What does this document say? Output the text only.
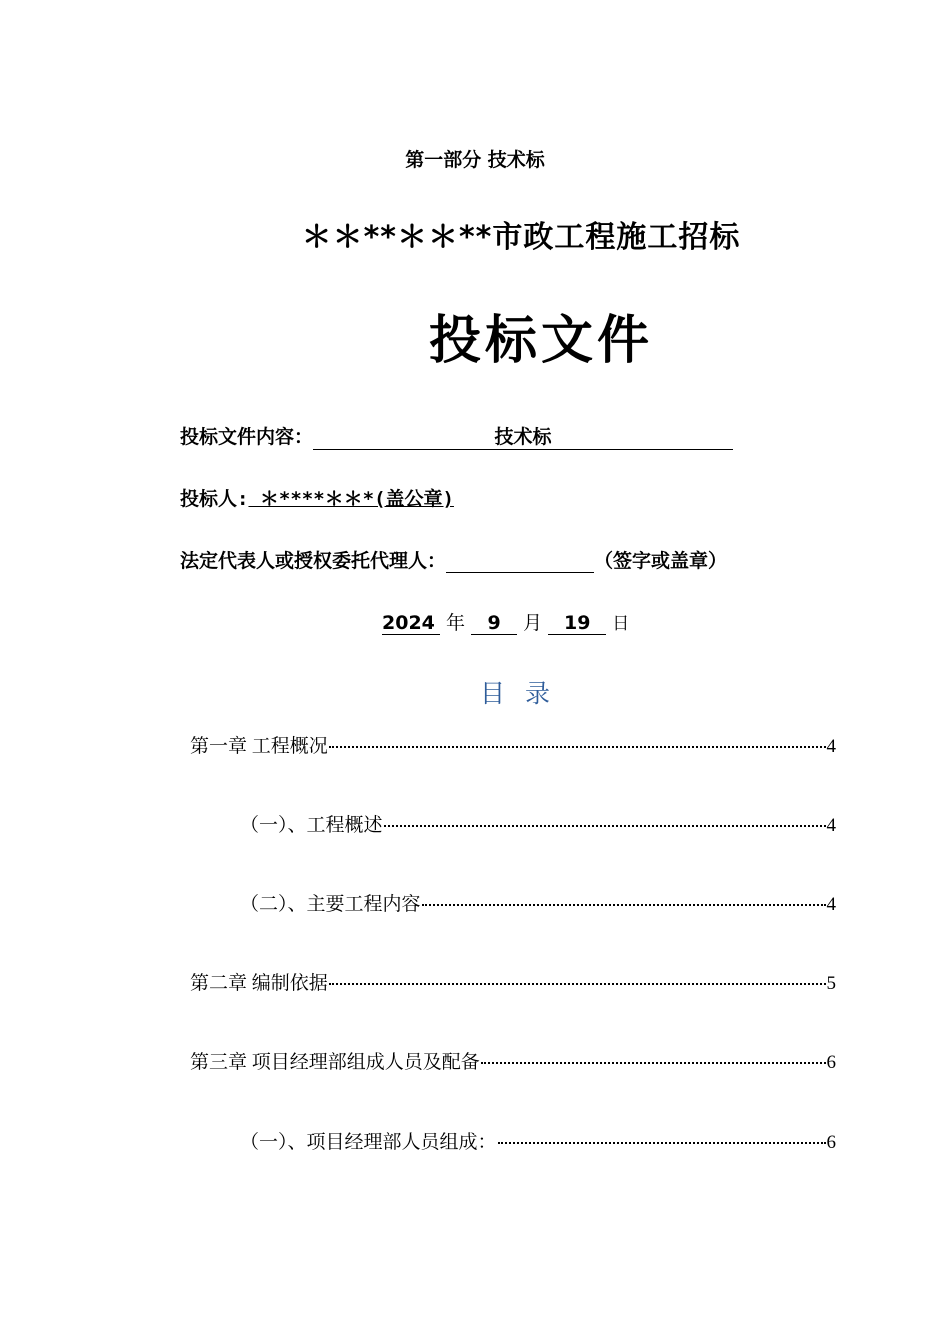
第一部分 技术标
＊＊**＊＊**市政工程施工招标
投标文件
投标文件内容：	技术标
投标人: ＊****＊＊*(盖公章)
法定代表人或授权委托代理人：	（签字或盖章）
2024 年 9 月 19 日
目 录
第一章 工程概况	4
（一）、工程概述	4
（二）、主要工程内容	4
第二章 编制依据	5
第三章 项目经理部组成人员及配备	6
（一）、项目经理部人员组成：	6
